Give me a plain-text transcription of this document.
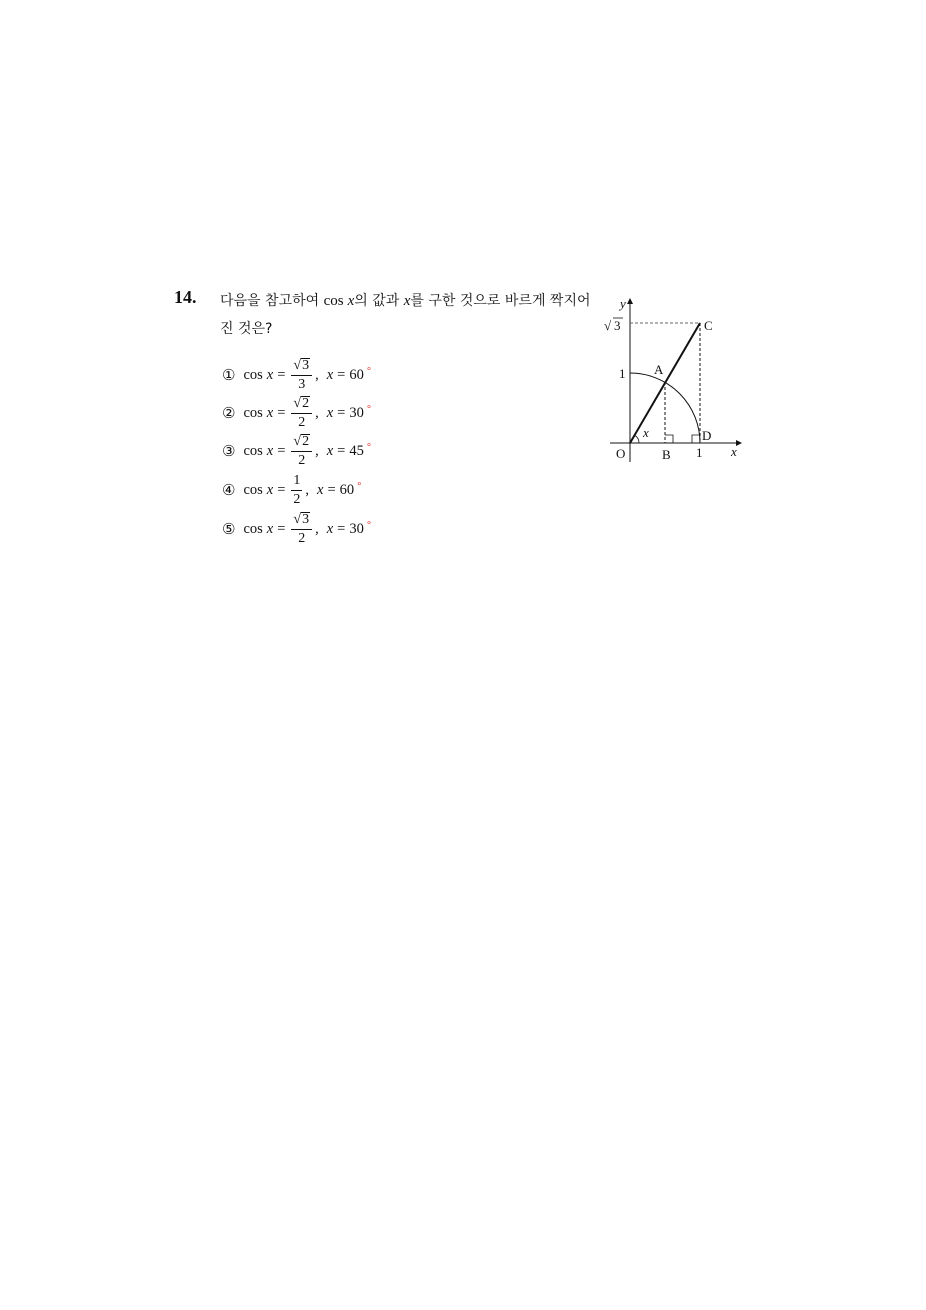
14. 다음을 참고하여 cos x의 값과 x를 구한 것으로 바르게 짝지어진 것은?
① $\cos x = \frac{√ 3}{3}$ , x = 60 ∘
② $\cos x = \frac{√ 2}{2}$ , x = 30 ∘
③ $\cos x = \frac{√ 2}{2}$ , x = 45 ∘
④ $\cos x = \frac{1}{2}$ , x = 60 ∘
⑤ $\cos x = \frac{√ 3}{2}$ , x = 30 ∘
y
x
O
A
B
C
D
x
1
1
√ 3
